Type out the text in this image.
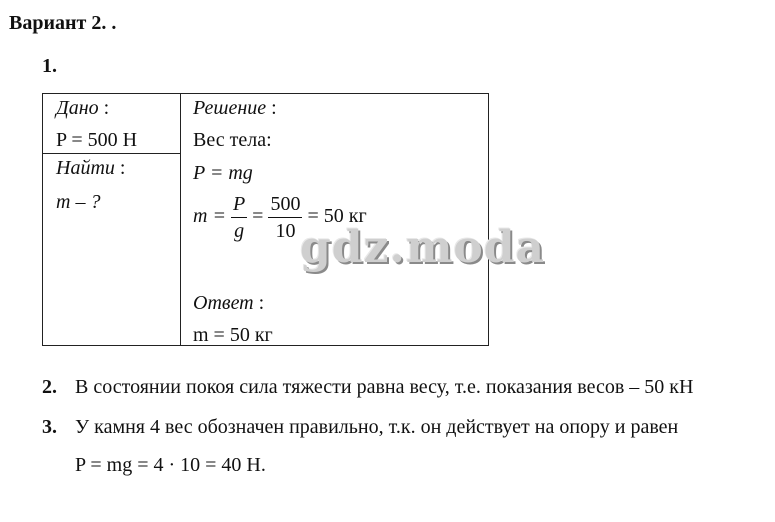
Вариант 2. .
1.
Дано :
P = 500 Н
Найти :
m – ?
Решение :
Вес тела:
P = mg
$m = \frac{P}{g} = \frac{500}{10} = 50$ кг
Ответ :
m = 50 кг
gdz.moda
2. В состоянии покоя сила тяжести равна весу, т.е. показания весов – 50 кН
3. У камня 4 вес обозначен правильно, т.к. он действует на опору и равен
P = mg = 4 · 10 = 40 Н.
